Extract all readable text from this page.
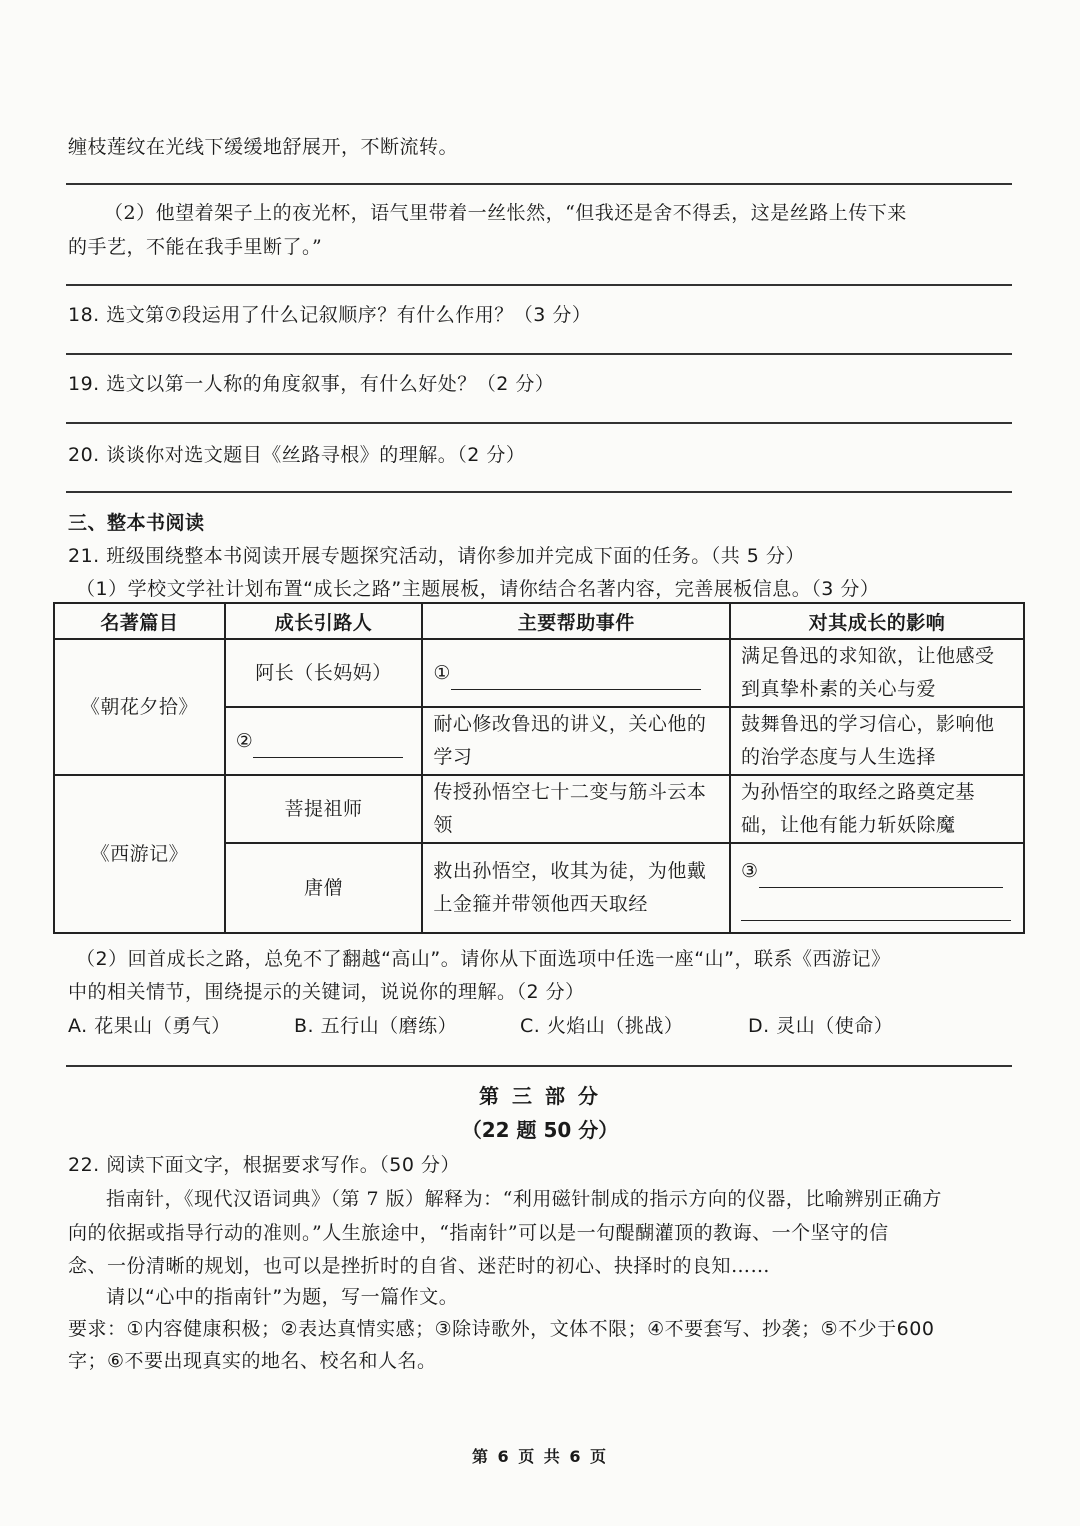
缠枝莲纹在光线下缓缓地舒展开，不断流转。
（2）他望着架子上的夜光杯，语气里带着一丝怅然，“但我还是舍不得丢，这是丝路上传下来
的手艺，不能在我手里断了。”
18. 选文第⑦段运用了什么记叙顺序？有什么作用？（3 分）
19. 选文以第一人称的角度叙事，有什么好处？（2 分）
20. 谈谈你对选文题目《丝路寻根》的理解。（2 分）
三、整本书阅读
21. 班级围绕整本书阅读开展专题探究活动，请你参加并完成下面的任务。（共 5 分）
（1）学校文学社计划布置“成长之路”主题展板，请你结合名著内容，完善展板信息。（3 分）
名著篇目	成长引路人	主要帮助事件	对其成长的影响
《朝花夕拾》	阿长（长妈妈）	①	满足鲁迅的求知欲，让他感受到真挚朴素的关心与爱
	②	耐心修改鲁迅的讲义，关心他的学习	鼓舞鲁迅的学习信心，影响他的治学态度与人生选择
《西游记》	菩提祖师	传授孙悟空七十二变与筋斗云本领	为孙悟空的取经之路奠定基础，让他有能力斩妖除魔
	唐僧	救出孙悟空，收其为徒，为他戴上金箍并带领他西天取经	③
（2）回首成长之路，总免不了翻越“高山”。请你从下面选项中任选一座“山”，联系《西游记》
中的相关情节，围绕提示的关键词，说说你的理解。（2 分）
A. 花果山（勇气）	B. 五行山（磨练）	C. 火焰山（挑战）	D. 灵山（使命）
第 三 部 分
（22 题 50 分）
22. 阅读下面文字，根据要求写作。（50 分）
指南针，《现代汉语词典》（第 7 版）解释为：“利用磁针制成的指示方向的仪器，比喻辨别正确方
向的依据或指导行动的准则。”人生旅途中，“指南针”可以是一句醍醐灌顶的教诲、一个坚守的信
念、一份清晰的规划，也可以是挫折时的自省、迷茫时的初心、抉择时的良知……
请以“心中的指南针”为题，写一篇作文。
要求：①内容健康积极；②表达真情实感；③除诗歌外，文体不限；④不要套写、抄袭；⑤不少于600
字；⑥不要出现真实的地名、校名和人名。
第 6 页 共 6 页
